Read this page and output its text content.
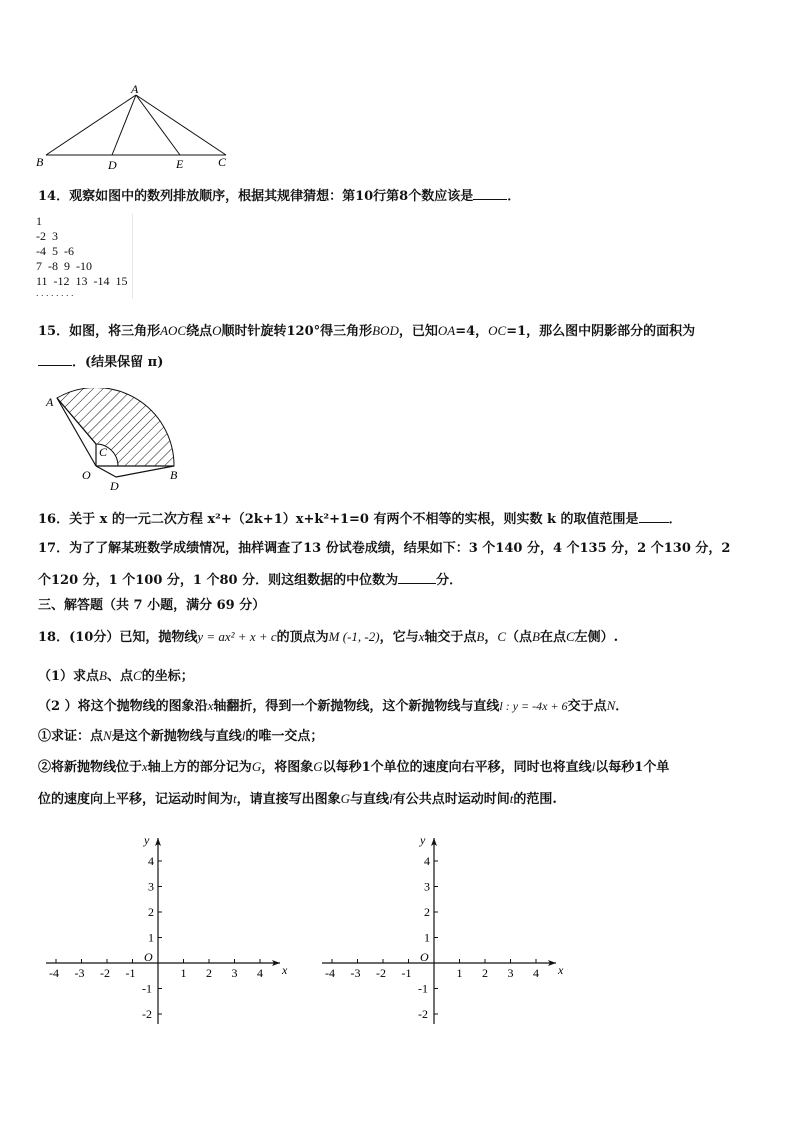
A
B	D	E	C
14．观察如图中的数列排放顺序，根据其规律猜想：第10行第8个数应该是	．
1
-2  3
-4  5  -6
7  -8  9  -10
11  -12  13  -14  15
．．．．．．．．
15．如图，将三角形AOC绕点O顺时针旋转120°得三角形BOD，已知OA=4，OC=1，那么图中阴影部分的面积为
．(结果保留 π)
A
C
O	B
D
16．关于 x 的一元二次方程 x²+（2k+1）x+k²+1=0 有两个不相等的实根，则实数 k 的取值范围是 ．
17．为了了解某班数学成绩情况，抽样调查了13 份试卷成绩，结果如下：3 个140 分，4 个135 分，2 个130 分，2
个120 分，1 个100 分，1 个80 分．则这组数据的中位数为	分．
三、解答题（共 7 小题，满分 69 分）
18．(10分）已知，抛物线y = ax² + x + c的顶点为M (-1, -2)，它与x轴交于点B，C（点B在点C左侧）.
（1）求点B、点C的坐标；
（2 ）将这个抛物线的图象沿x轴翻折，得到一个新抛物线，这个新抛物线与直线l : y = -4x + 6交于点N．
①求证：点N是这个新抛物线与直线l的唯一交点；
②将新抛物线位于x轴上方的部分记为G，将图象G以每秒1个单位的速度向右平移，同时也将直线l以每秒1个单
位的速度向上平移，记运动时间为t，请直接写出图象G与直线l有公共点时运动时间t的范围.
x
y
O
-4 -3 -2 -1	1 2 3 4
4
3
2
1
-1
-2
x
y
O
-4 -3 -2 -1	1 2 3 4
4
3
2
1
-1
-2
